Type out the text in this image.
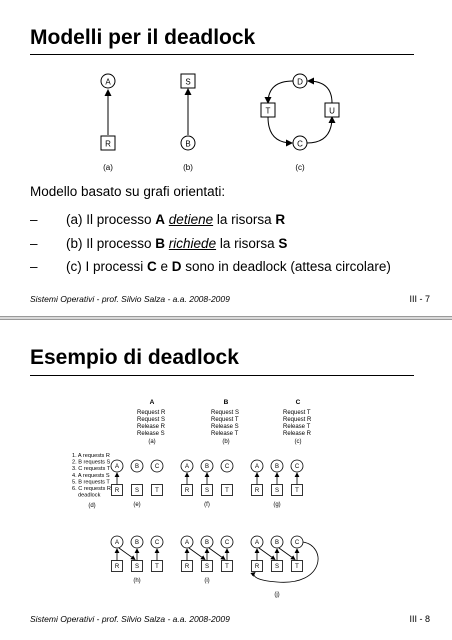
Modelli per il deadlock
A
R
(a)
S
B
(b)
D
T	U
C
(c)
Modello basato su grafi orientati:
– (a) Il processo A detiene la risorsa R
– (b) Il processo B richiede la risorsa S
– (c) I processi C e D sono in deadlock (attesa circolare)
Sistemi Operativi - prof. Silvio Salza - a.a. 2008-2009	III - 7
Esempio di deadlock
A
Request R
Request S
Release R
Release S
(a)
B
Request S
Request T
Release S
Release T
(b)
C
Request T
Request R
Release T
Release R
(c)
1. A requests R
2. B requests S
3. C requests T
4. A requests S
5. B requests T
6. C requests R
deadlock
(d)
A	B	C
R	S	T
(e)
A	B	C
R	S	T
(f)
A	B	C
R	S	T
(g)
A	B	C
R	S	T
(h)
A	B	C
R	S	T
(i)
A	B	C
R	S	T
(j)
Sistemi Operativi - prof. Silvio Salza - a.a. 2008-2009	III - 8
